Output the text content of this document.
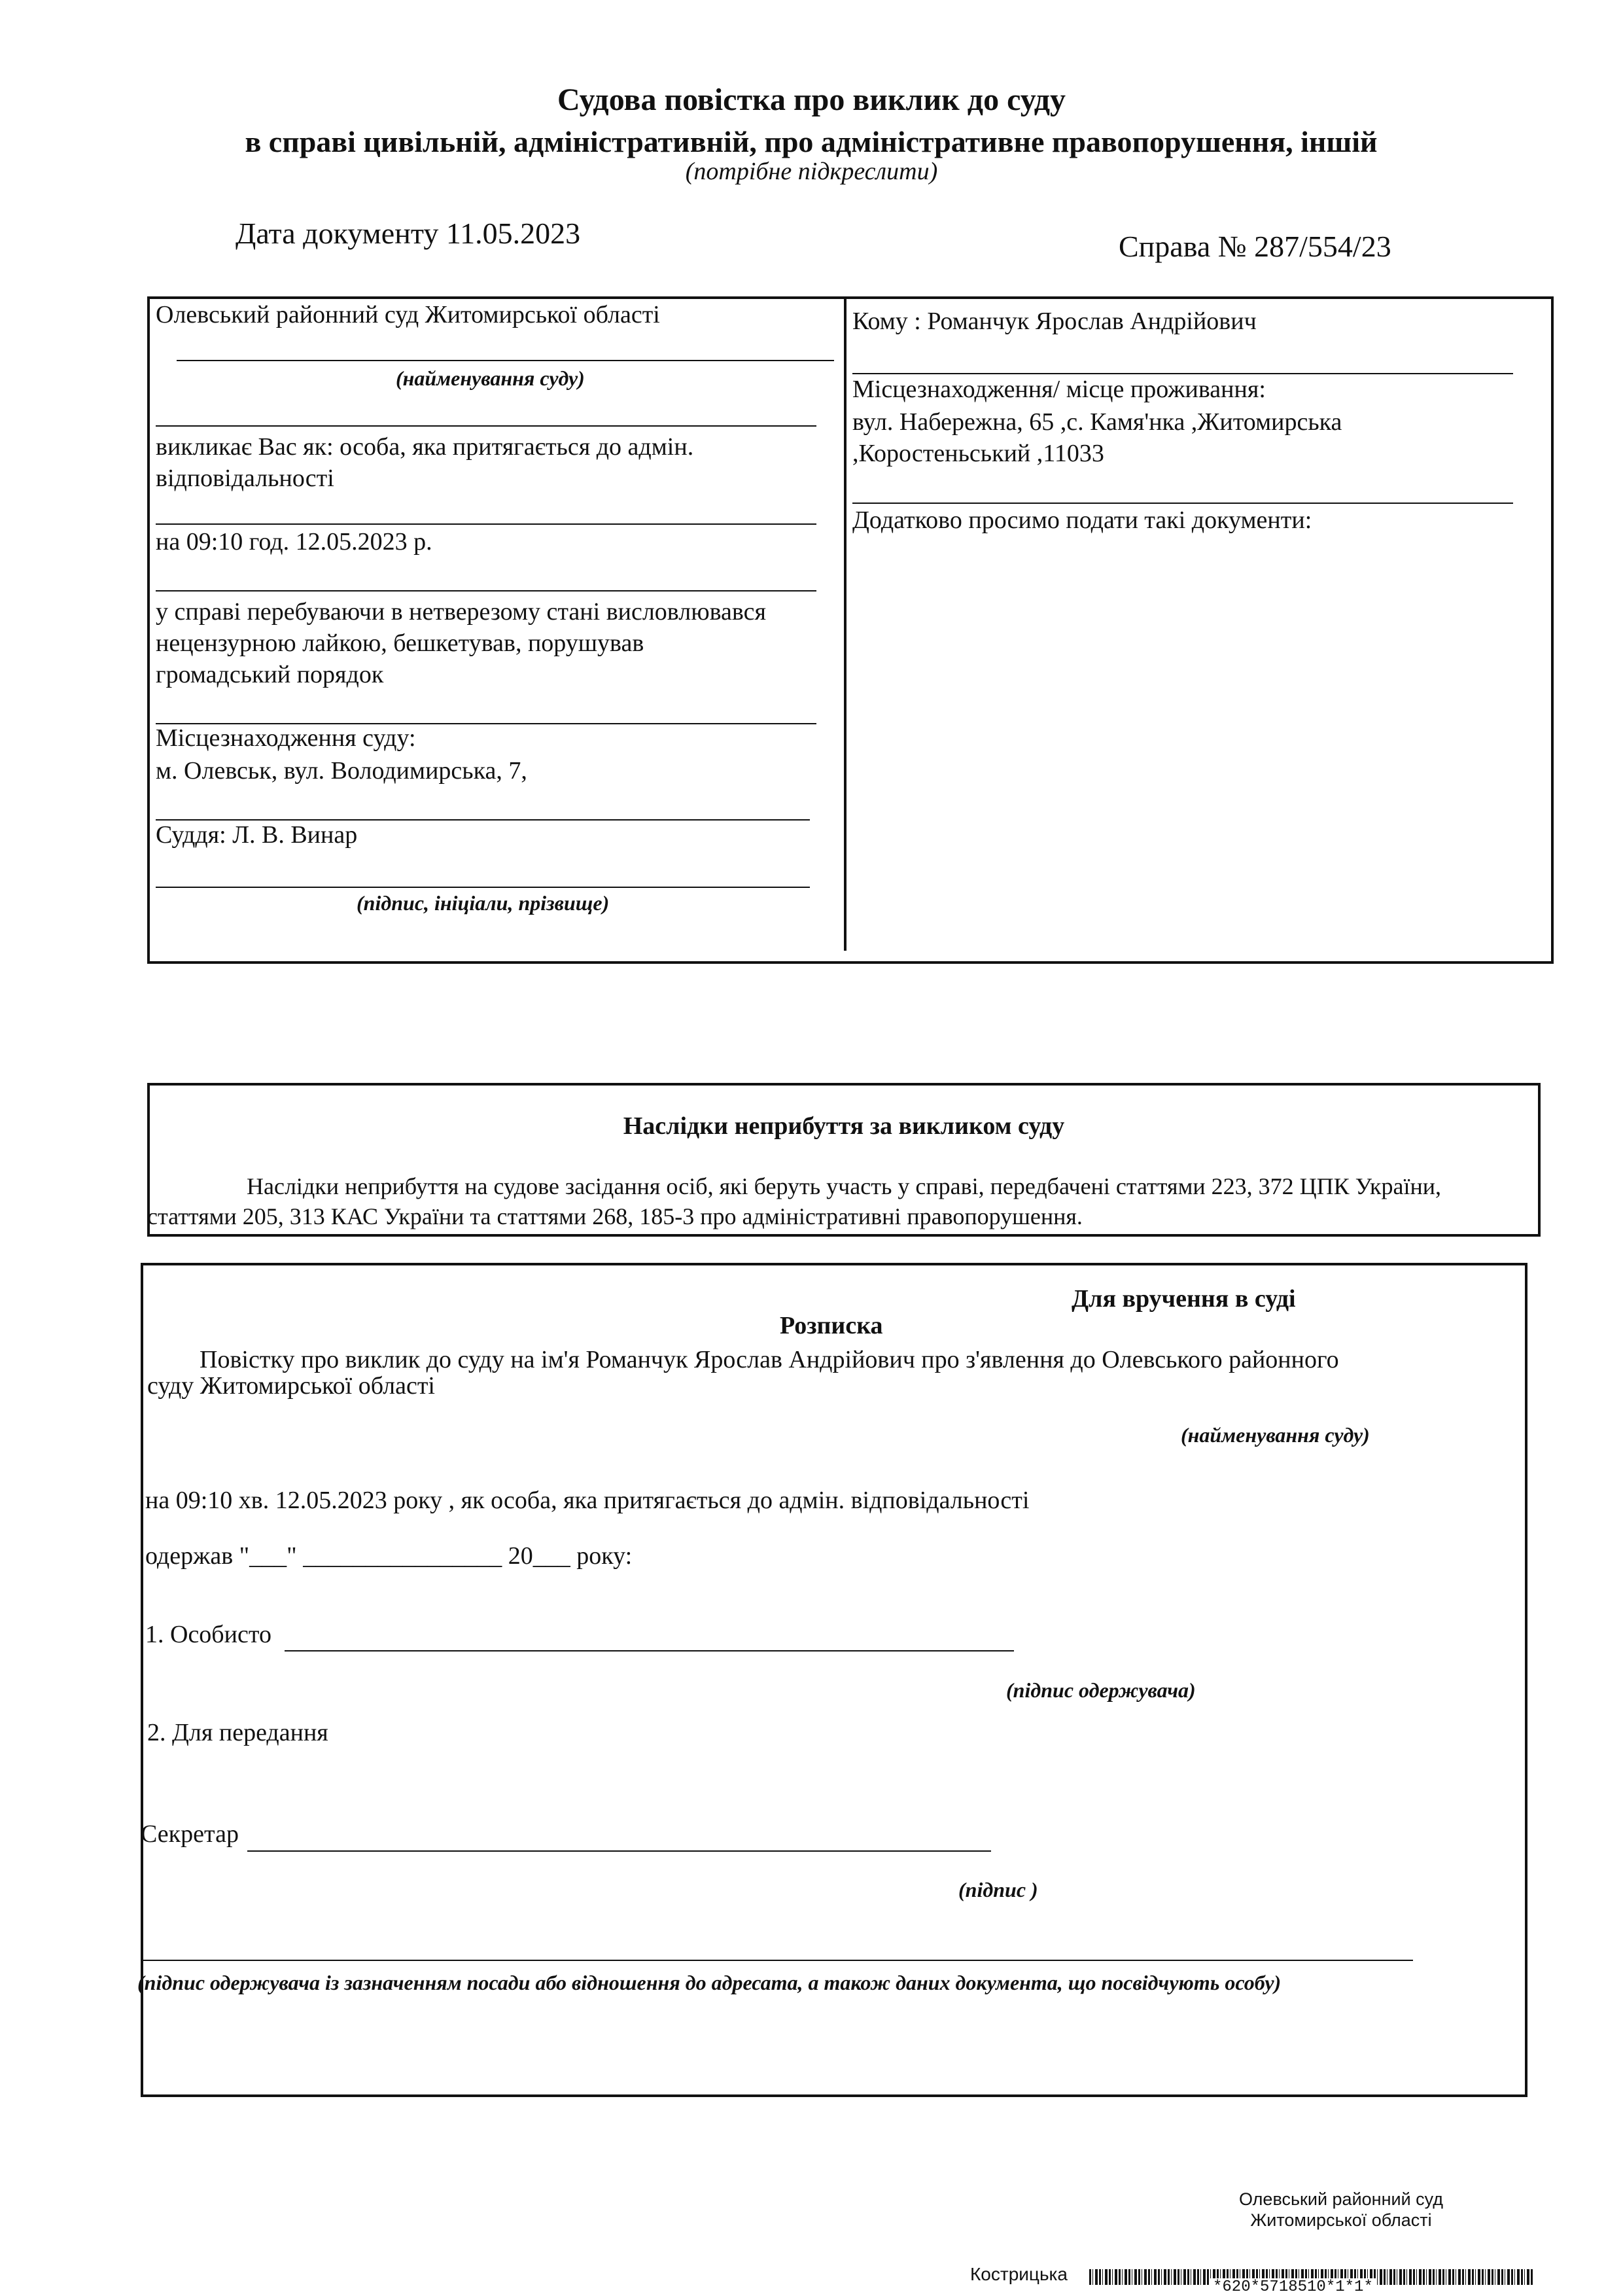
Судова повістка про виклик до суду
в справі цивільній, адміністративній, про адміністративне правопорушення, іншій
(потрібне підкреслити)
Дата документу 11.05.2023	Справа № 287/554/23
Олевський районний суд Житомирської області
(найменування суду)
викликає Вас як: особа, яка притягається до адмін.
відповідальності
на 09:10 год. 12.05.2023 р.
у справі перебуваючи в нетверезому стані висловлювався
нецензурною лайкою, бешкетував, порушував
громадський порядок
Місцезнаходження суду:
м. Олевськ, вул. Володимирська, 7,
Суддя: Л. В. Винар
(підпис, ініціали, прізвище)
Кому : Романчук Ярослав Андрійович
Місцезнаходження/ місце проживання:
вул. Набережна, 65 ,с. Камя'нка ,Житомирська
,Коростеньський ,11033
Додатково просимо подати такі документи:
Наслідки неприбуття за викликом суду
Наслідки неприбуття на судове засідання осіб, які беруть участь у справі, передбачені статтями 223, 372 ЦПК України,
статтями 205, 313 КАС України та статтями 268, 185-3 про адміністративні правопорушення.
Для вручення в суді
Розписка
Повістку про виклик до суду на ім'я Романчук Ярослав Андрійович про з'явлення до Олевського районного
суду Житомирської області
(найменування суду)
на 09:10 хв. 12.05.2023 року , як особа, яка притягається до адмін. відповідальності
одержав "___" ________________ 20___ року:
1. Особисто
(підпис одержувача)
2. Для передання
Секретар
(підпис )
(підпис одержувача із зазначенням посади або відношення до адресата, а також даних документа, що посвідчують особу)
Олевський районний суд
Житомирської області
Кострицька
*620*5718510*1*1*
